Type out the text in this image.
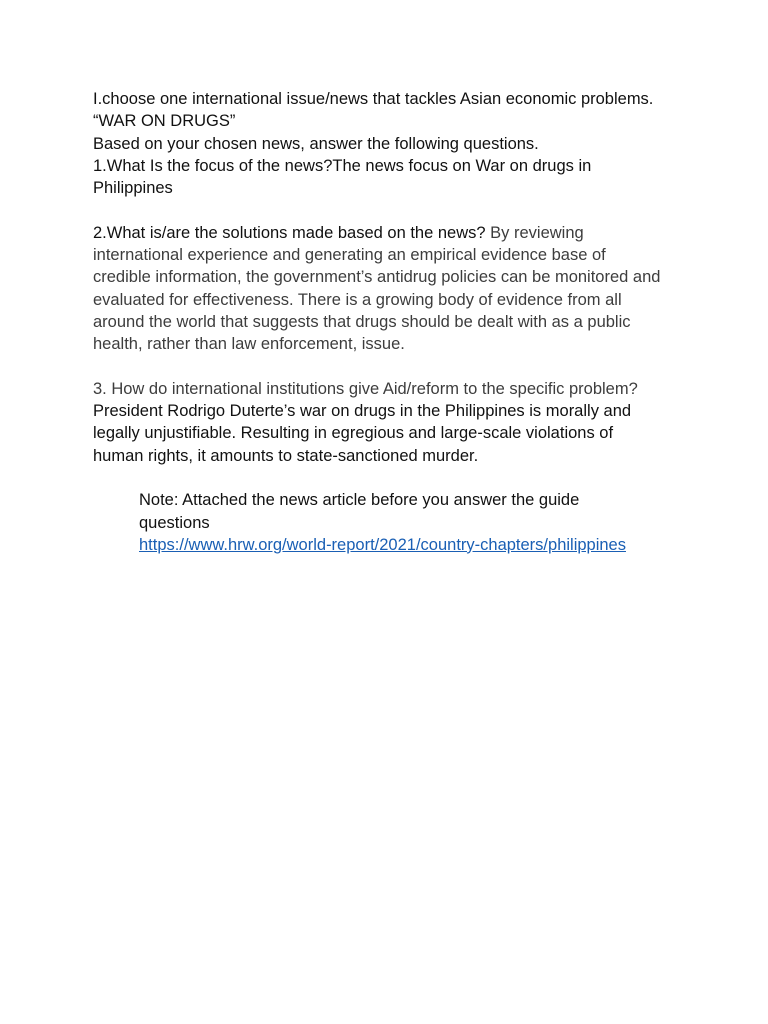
I.choose one international issue/news that tackles Asian economic problems.

“WAR ON DRUGS”

Based on your chosen news, answer the following questions.

1.What Is the focus of the news?The news focus on War on drugs in Philippines

2.What is/are the solutions made based on the news? By reviewing international experience and generating an empirical evidence base of credible information, the government’s antidrug policies can be monitored and evaluated for effectiveness. There is a growing body of evidence from all around the world that suggests that drugs should be dealt with as a public health, rather than law enforcement, issue.

3. How do international institutions give Aid/reform to the specific problem? President Rodrigo Duterte’s war on drugs in the Philippines is morally and legally unjustifiable. Resulting in egregious and large-scale violations of human rights, it amounts to state-sanctioned murder.

Note: Attached the news article before you answer the guide questions

https://www.hrw.org/world-report/2021/country-chapters/philippines
